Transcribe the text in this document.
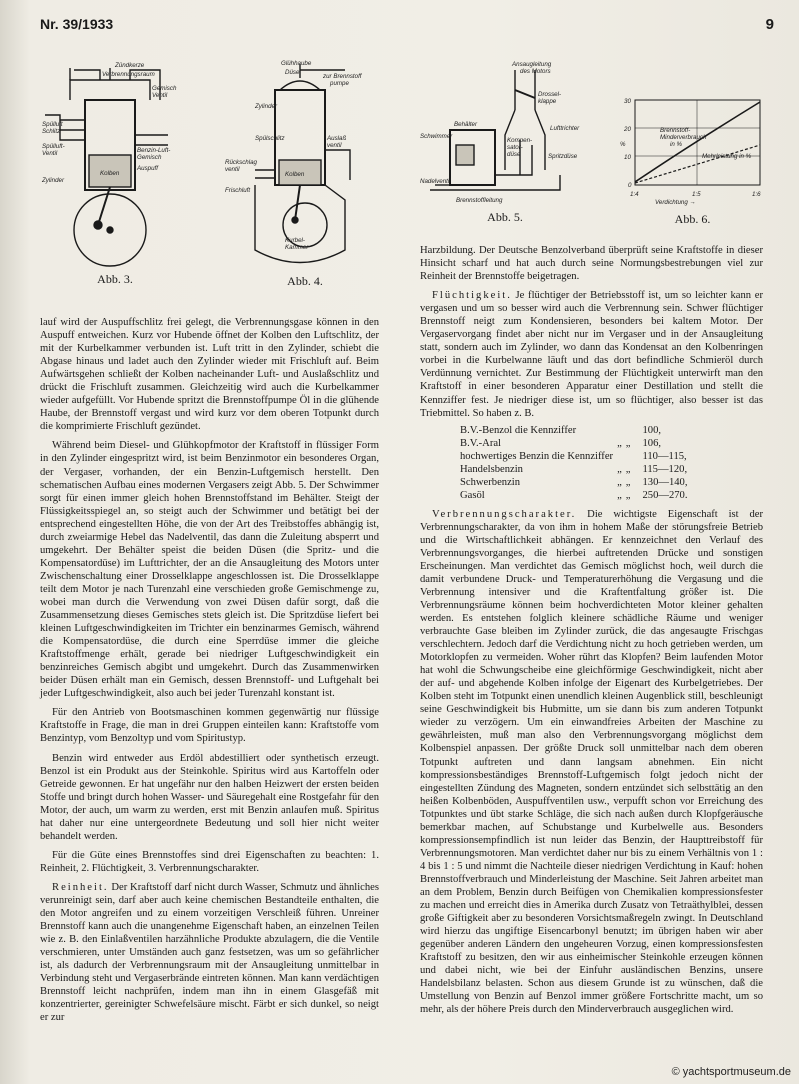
Nr. 39/1933	9
Zündkerze
Verbrennungsraum
Gemisch
Ventil
Spülluft
Schlitz
Spülluft-
Ventil	Benzin-Luft-
Gemisch
Auspuff
Zylinder
Kolben
Abb. 3.
Glühhaube
Düse
zur Brennstoff
pumpe
Zylinder
Spülschlitz	Auslaß
ventil
Rückschlag
ventil
Kolben
Frischluft
Kurbel-
Kammer
Abb. 4.
Ansaugleitung
des Motors
Drossel-
klappe
Lufttrichter
Kompen-
sator-
düse
Schwimmer
Behälter
Spritzdüse
Nadelventil
Brennstoffleitung
Abb. 5.
Brennstoff-
Minderverbrauch
in %
Mehrleistung in %
30
20
10
0
%
1:4	1:5	1:6
Verdichtung →
Abb. 6.

lauf wird der Auspuffschlitz frei gelegt, die Verbrennungsgase können in den Auspuff entweichen. Kurz vor Hubende öffnet der Kolben den Luftschlitz, der mit der Kurbelkammer verbunden ist. Luft tritt in den Zylinder, schiebt die Abgase hinaus und ladet auch den Zylinder wieder mit Frischluft auf. Beim Aufwärtsgehen schließt der Kolben nacheinander Luft- und Auslaßschlitz und drückt die Frischluft zusammen. Gleichzeitig wird auch die Kurbelkammer wieder aufgefüllt. Vor Hubende spritzt die Brennstoffpumpe Öl in die glühende Haube, der Brennstoff vergast und wird kurz vor dem oberen Totpunkt durch die komprimierte Frischluft gezündet.

Während beim Diesel- und Glühkopfmotor der Kraftstoff in flüssiger Form in den Zylinder eingespritzt wird, ist beim Benzinmotor ein besonderes Organ, der Vergaser, vorhanden, der ein Benzin-Luftgemisch herstellt. Den schematischen Aufbau eines modernen Vergasers zeigt Abb. 5. Der Schwimmer sorgt für einen immer gleich hohen Brennstoffstand im Behälter. Steigt der Flüssigkeitsspiegel an, so steigt auch der Schwimmer und betätigt bei der entsprechend eingestellten Höhe, die von der Art des Treibstoffes abhängig ist, durch zweiarmige Hebel das Nadelventil, das dann die Zuleitung absperrt und umgekehrt. Der Behälter speist die beiden Düsen (die Spritz- und die Kompensatordüse) im Lufttrichter, der an die Ansaugleitung des Motors unter Zwischenschaltung einer Drosselklappe angeschlossen ist. Die Drosselklappe teilt dem Motor je nach Turenzahl eine verschieden große Gemischmenge zu, wobei man durch die Verwendung von zwei Düsen dafür sorgt, daß die Zusammensetzung dieses Gemisches stets gleich ist. Die Spritzdüse liefert bei kleinen Luftgeschwindigkeiten im Trichter ein benzinarmes Gemisch, während die Kompensatordüse, die durch eine Sperrdüse immer die gleiche Kraftstoffmenge erhält, gerade bei niedriger Luftgeschwindigkeit ein benzinreiches Gemisch abgibt und umgekehrt. Durch das Zusammenwirken beider Düsen erhält man ein Gemisch, dessen Brennstoff- und Luftgehalt bei jeder Luftgeschwindigkeit, also auch bei jeder Turenzahl konstant ist.

Für den Antrieb von Bootsmaschinen kommen gegenwärtig nur flüssige Kraftstoffe in Frage, die man in drei Gruppen einteilen kann: Kraftstoffe vom Benzintyp, vom Benzoltyp und vom Spiritustyp.

Benzin wird entweder aus Erdöl abdestilliert oder synthetisch erzeugt. Benzol ist ein Produkt aus der Steinkohle. Spiritus wird aus Kartoffeln oder Getreide gewonnen. Er hat ungefähr nur den halben Heizwert der ersten beiden Stoffe und bringt durch hohen Wasser- und Säuregehalt eine Rostgefahr für den Motor, der auch, um warm zu werden, erst mit Benzin anlaufen muß. Spiritus hat daher nur eine untergeordnete Bedeutung und soll hier nicht weiter behandelt werden.

Für die Güte eines Brennstoffes sind drei Eigenschaften zu beachten: 1. Reinheit, 2. Flüchtigkeit, 3. Verbrennungscharakter.

Reinheit. Der Kraftstoff darf nicht durch Wasser, Schmutz und ähnliches verunreinigt sein, darf aber auch keine chemischen Bestandteile enthalten, die den Motor angreifen und zu einem vorzeitigen Verschleiß führen. Unreiner Brennstoff kann auch die unangenehme Eigenschaft haben, an einzelnen Teilen wie z. B. den Einlaßventilen harzähnliche Produkte abzulagern, die die Ventile verschmieren, unter Umständen auch ganz festsetzen, was um so gefährlicher ist, als dadurch der Verbrennungsraum mit der Ansaugleitung unmittelbar in Verbindung steht und Vergaserbrände eintreten können. Man kann verdächtigen Brennstoff leicht nachprüfen, indem man ihn in einem Glasgefäß mit konzentrierter, gereinigter Schwefelsäure mischt. Färbt er sich dunkel, so neigt er zur

Harzbildung. Der Deutsche Benzolverband überprüft seine Kraftstoffe in dieser Hinsicht scharf und hat auch durch seine Normungsbestrebungen viel zur Reinheit der Brennstoffe beigetragen.

Flüchtigkeit. Je flüchtiger der Betriebsstoff ist, um so leichter kann er vergasen und um so besser wird auch die Verbrennung sein. Schwer flüchtiger Brennstoff neigt zum Kondensieren, besonders bei kaltem Motor. Der Vergaservorgang findet aber nicht nur im Vergaser und in der Ansaugleitung statt, sondern auch im Zylinder, wo dann das Kondensat an den Kolbenringen vorbei in die Kurbelwanne läuft und das dort befindliche Schmieröl durch Verdünnung vernichtet. Zur Bestimmung der Flüchtigkeit unterwirft man den Kraftstoff in einer besonderen Apparatur einer Destillation und stellt die Kennziffer fest. Je niedriger diese ist, um so flüchtiger, also besser ist das Triebmittel. So haben z. B.

B.V.-Benzol die Kennziffer			100,
B.V.-Aral	„	„	106,
hochwertiges Benzin die Kennziffer			110—115,
Handelsbenzin	„	„	115—120,
Schwerbenzin	„	„	130—140,
Gasöl	„	„	250—270.

Verbrennungscharakter. Die wichtigste Eigenschaft ist der Verbrennungscharakter, da von ihm in hohem Maße der störungsfreie Betrieb und die Wirtschaftlichkeit abhängen. Er kennzeichnet den Verlauf des Verbrennungsvorganges, die hierbei auftretenden Drücke und sonstigen Erscheinungen. Man verdichtet das Gemisch möglichst hoch, weil durch die damit verbundene Druck- und Temperaturerhöhung die Vergasung und die Verbrennung intensiver und die Kraftentfaltung größer ist. Die Verbrennungsräume können beim hochverdichteten Motor kleiner gehalten werden. Es entstehen folglich kleinere schädliche Räume und weniger verbrauchte Gase bleiben im Zylinder zurück, die das angesaugte Frischgas verschlechtern. Jedoch darf die Verdichtung nicht zu hoch getrieben werden, um Motorklopfen zu vermeiden. Woher rührt das Klopfen? Beim laufenden Motor hat wohl die Schwungscheibe eine gleichförmige Geschwindigkeit, nicht aber der auf- und abgehende Kolben infolge der Eigenart des Kurbelgetriebes. Der Kolben steht im Totpunkt einen unendlich kleinen Augenblick still, beschleunigt seine Geschwindigkeit bis Hubmitte, um sie dann bis zum anderen Totpunkt wieder zu verzögern. Um ein einwandfreies Arbeiten der Maschine zu gewährleisten, muß man also den Verbrennungsvorgang möglichst dem Kolbenspiel anpassen. Der größte Druck soll unmittelbar nach dem oberen Totpunkt auftreten und dann langsam abnehmen. Ein nicht kompressionsbeständiges Brennstoff-Luftgemisch folgt jedoch nicht der eingestellten Zündung des Magneten, sondern entzündet sich selbsttätig an den heißen Kolbenböden, Auspuffventilen usw., verpufft schon vor Erreichung des Totpunktes und übt starke Schläge, die sich nach außen durch Klopfgeräusche bemerkbar machen, auf Schubstange und Kurbelwelle aus. Besonders kompressionsempfindlich ist nun leider das Benzin, der Haupttreibstoff für Verbrennungsmotoren. Man verdichtet daher nur bis zu einem Verhältnis von 1 : 4 bis 1 : 5 und nimmt die Nachteile dieser niedrigen Verdichtung in Kauf: hohen Brennstoffverbrauch und Minderleistung der Maschine. Seit Jahren arbeitet man an dem Problem, Benzin durch Beifügen von Chemikalien kompressionsfester zu machen und erreicht dies in Amerika durch Zusatz von Tetraäthylblei, dessen große Giftigkeit aber zu besonderen Vorsichtsmaßregeln zwingt. In Deutschland wird hierzu das ungiftige Eisencarbonyl benutzt; im übrigen haben wir aber gegenüber anderen Ländern den ungeheuren Vorzug, einen kompressionsfesten Kraftstoff zu besitzen, den wir aus einheimischer Steinkohle erzeugen können und dabei nicht, wie bei der Einfuhr ausländischen Benzins, unsere Handelsbilanz belasten. Schon aus diesem Grunde ist zu wünschen, daß die Umstellung von Benzin auf Benzol immer größere Fortschritte macht, um so mehr, als der höhere Preis durch den Minderverbrauch ausgeglichen wird.

© yachtsportmuseum.de
